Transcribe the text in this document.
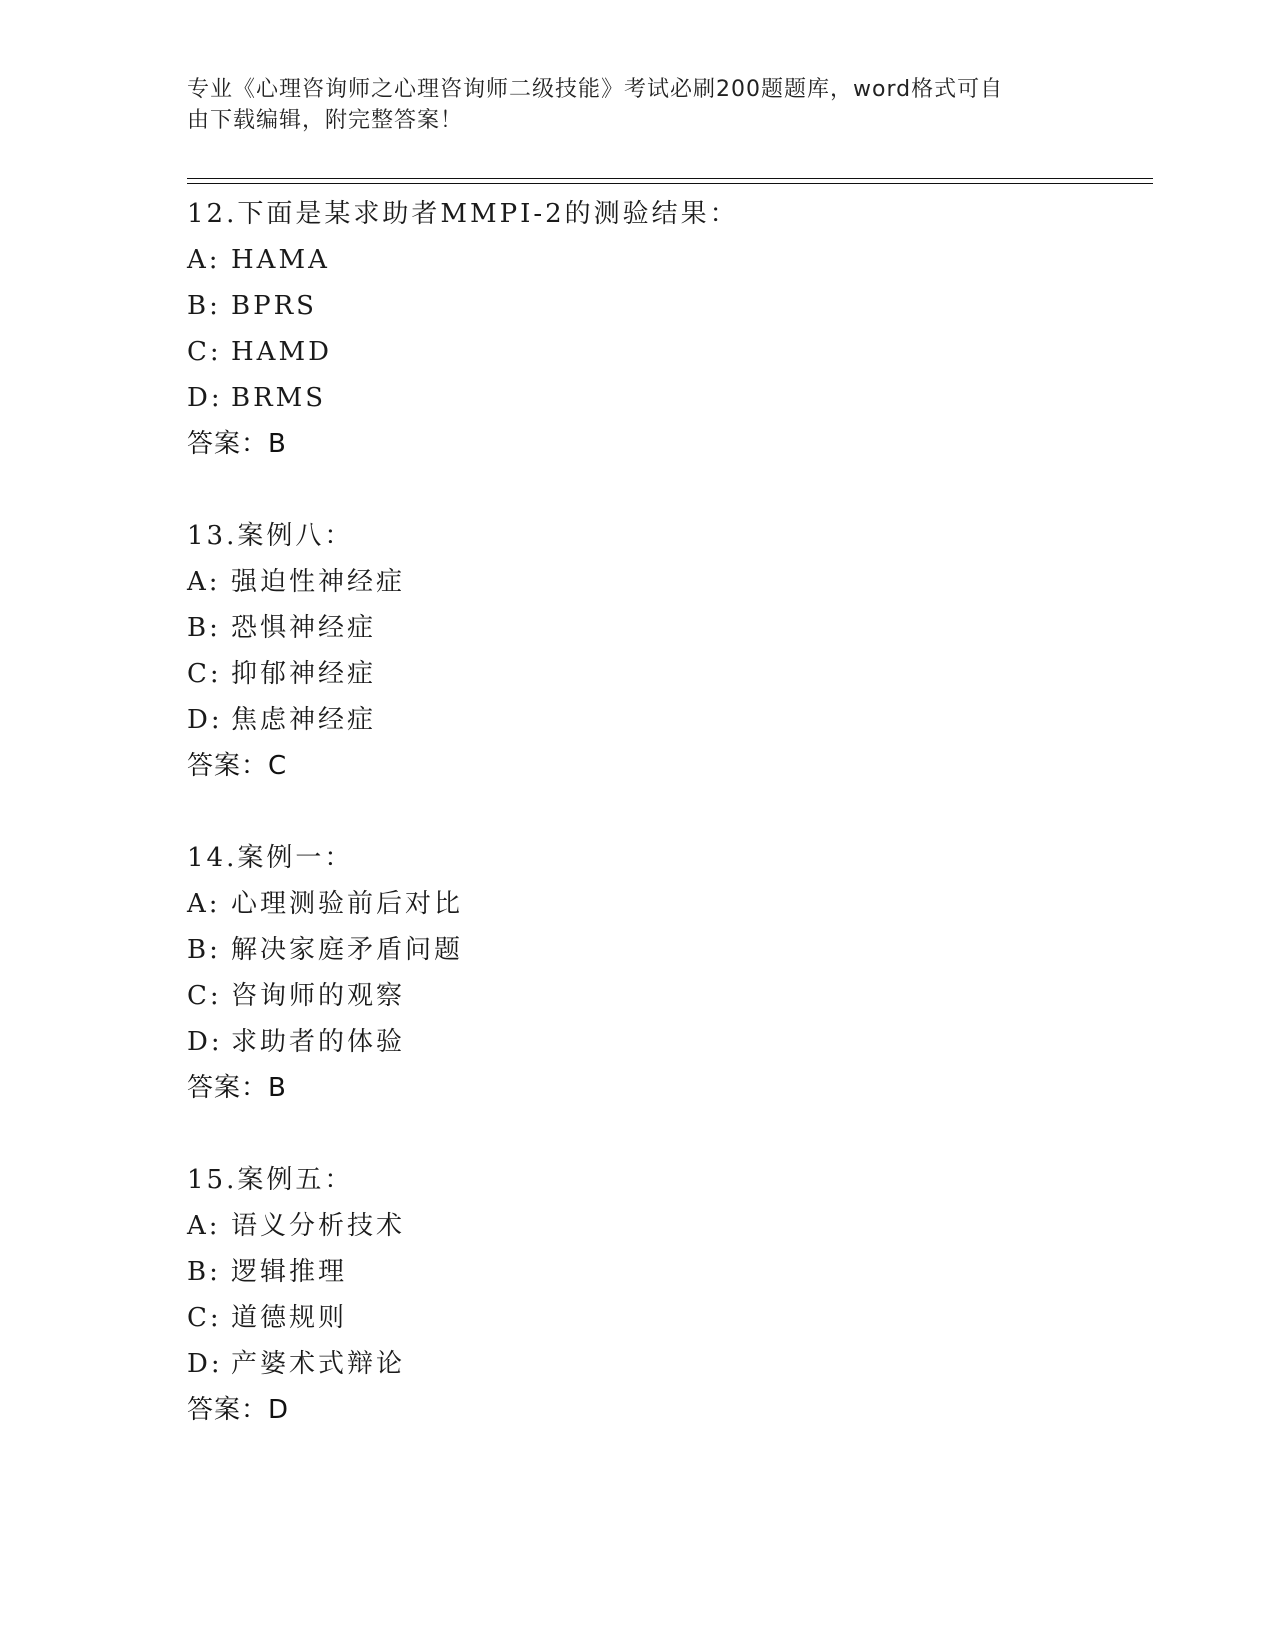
专业《心理咨询师之心理咨询师二级技能》考试必刷200题题库，word格式可自
由下载编辑，附完整答案！
12.下面是某求助者MMPI-2的测验结果：
A: HAMA
B: BPRS
C: HAMD
D: BRMS
答案：B
13.案例八：
A: 强迫性神经症
B: 恐惧神经症
C: 抑郁神经症
D: 焦虑神经症
答案：C
14.案例一：
A: 心理测验前后对比
B: 解决家庭矛盾问题
C: 咨询师的观察
D: 求助者的体验
答案：B
15.案例五：
A: 语义分析技术
B: 逻辑推理
C: 道德规则
D: 产婆术式辩论
答案：D
